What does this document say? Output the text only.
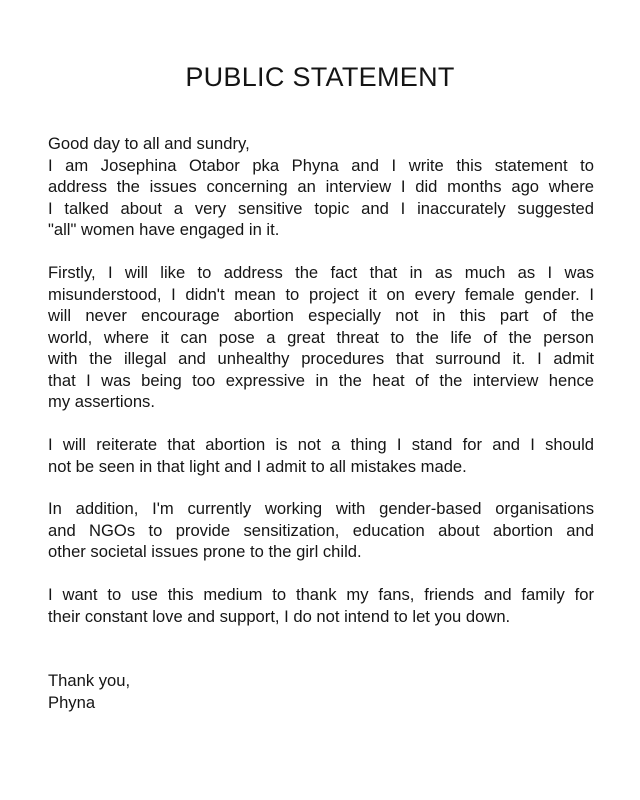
PUBLIC STATEMENT
Good day to all and sundry,
I am Josephina Otabor pka Phyna and I write this statement to
address the issues concerning an interview I did months ago where
I talked about a very sensitive topic and I inaccurately suggested
"all" women have engaged in it.
Firstly, I will like to address the fact that in as much as I was
misunderstood, I didn't mean to project it on every female gender. I
will never encourage abortion especially not in this part of the
world, where it can pose a great threat to the life of the person
with the illegal and unhealthy procedures that surround it. I admit
that I was being too expressive in the heat of the interview hence
my assertions.
I will reiterate that abortion is not a thing I stand for and I should
not be seen in that light and I admit to all mistakes made.
In addition, I'm currently working with gender-based organisations
and NGOs to provide sensitization, education about abortion and
other societal issues prone to the girl child.
I want to use this medium to thank my fans, friends and family for
their constant love and support, I do not intend to let you down.
Thank you,
Phyna
